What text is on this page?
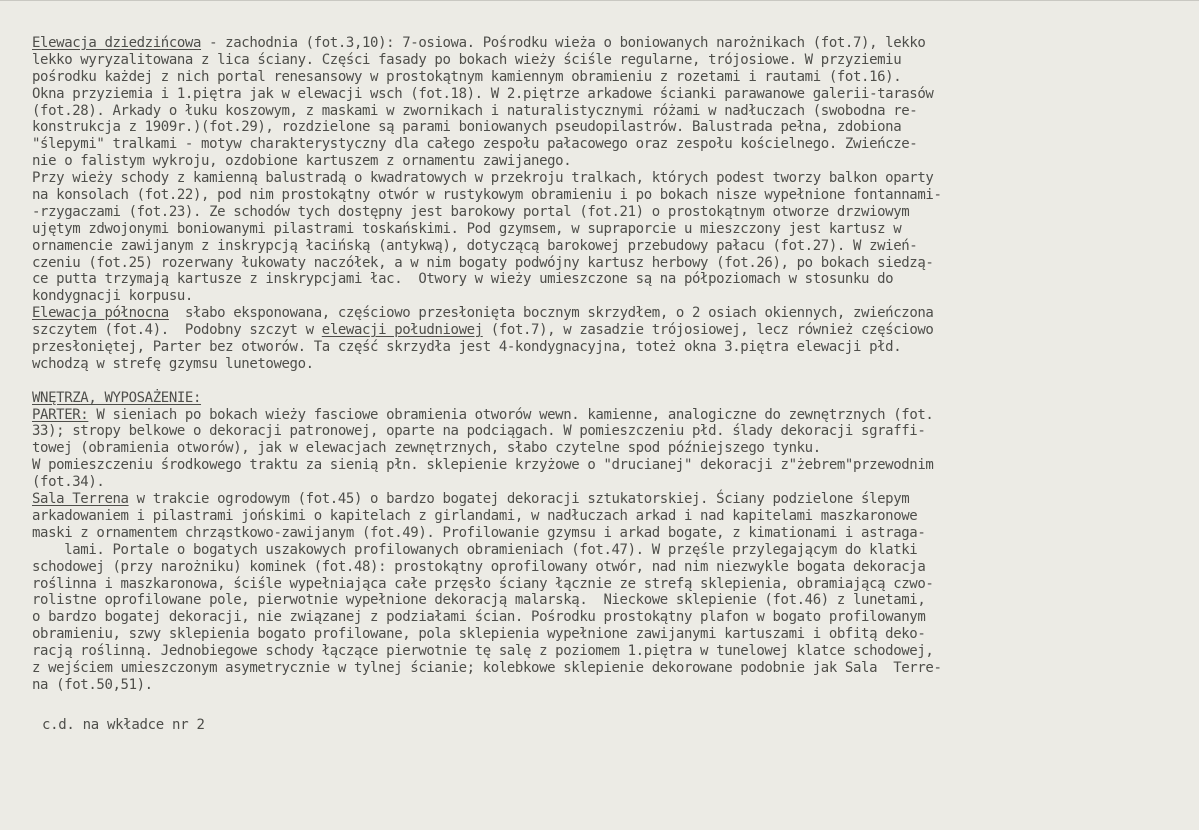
Elewacja dziedzińcowa - zachodnia (fot.3,10): 7-osiowa. Pośrodku wieża o boniowanych narożnikach (fot.7), lekko
lekko wyryzalitowana z lica ściany. Części fasady po bokach wieży ściśle regularne, trójosiowe. W przyziemiu
pośrodku każdej z nich portal renesansowy w prostokątnym kamiennym obramieniu z rozetami i rautami (fot.16).
Okna przyziemia i 1.piętra jak w elewacji wsch (fot.18). W 2.piętrze arkadowe ścianki parawanowe galerii-tarasów
(fot.28). Arkady o łuku koszowym, z maskami w zwornikach i naturalistycznymi różami w nadłuczach (swobodna re-
konstrukcja z 1909r.)(fot.29), rozdzielone są parami boniowanych pseudopilastrów. Balustrada pełna, zdobiona
"ślepymi" tralkami - motyw charakterystyczny dla całego zespołu pałacowego oraz zespołu kościelnego. Zwieńcze-
nie o falistym wykroju, ozdobione kartuszem z ornamentu zawijanego.
Przy wieży schody z kamienną balustradą o kwadratowych w przekroju tralkach, których podest tworzy balkon oparty
na konsolach (fot.22), pod nim prostokątny otwór w rustykowym obramieniu i po bokach nisze wypełnione fontannami-
-rzygaczami (fot.23). Ze schodów tych dostępny jest barokowy portal (fot.21) o prostokątnym otworze drzwiowym
ujętym zdwojonymi boniowanymi pilastrami toskańskimi. Pod gzymsem, w supraporcie u mieszczony jest kartusz w
ornamencie zawijanym z inskrypcją łacińską (antykwą), dotyczącą barokowej przebudowy pałacu (fot.27). W zwień-
czeniu (fot.25) rozerwany łukowaty naczółek, a w nim bogaty podwójny kartusz herbowy (fot.26), po bokach siedzą-
ce putta trzymają kartusze z inskrypcjami łac.  Otwory w wieży umieszczone są na półpoziomach w stosunku do
kondygnacji korpusu.
Elewacja północna  słabo eksponowana, częściowo przesłonięta bocznym skrzydłem, o 2 osiach okiennych, zwieńczona
szczytem (fot.4).  Podobny szczyt w elewacji południowej (fot.7), w zasadzie trójosiowej, lecz również częściowo
przesłoniętej, Parter bez otworów. Ta część skrzydła jest 4-kondygnacyjna, toteż okna 3.piętra elewacji płd.
wchodzą w strefę gzymsu lunetowego.
WNĘTRZA, WYPOSAŻENIE:
PARTER: W sieniach po bokach wieży fasciowe obramienia otworów wewn. kamienne, analogiczne do zewnętrznych (fot.
33); stropy belkowe o dekoracji patronowej, oparte na podciągach. W pomieszczeniu płd. ślady dekoracji sgraffi-
towej (obramienia otworów), jak w elewacjach zewnętrznych, słabo czytelne spod późniejszego tynku.
W pomieszczeniu środkowego traktu za sienią płn. sklepienie krzyżowe o "drucianej" dekoracji z"żebrem"przewodnim
(fot.34).
Sala Terrena w trakcie ogrodowym (fot.45) o bardzo bogatej dekoracji sztukatorskiej. Ściany podzielone ślepym
arkadowaniem i pilastrami jońskimi o kapitelach z girlandami, w nadłuczach arkad i nad kapitelami maszkaronowe
maski z ornamentem chrząstkowo-zawijanym (fot.49). Profilowanie gzymsu i arkad bogate, z kimationami i astraga-
lami. Portale o bogatych uszakowych profilowanych obramieniach (fot.47). W przęśle przylegającym do klatki
schodowej (przy narożniku) kominek (fot.48): prostokątny oprofilowany otwór, nad nim niezwykle bogata dekoracja
roślinna i maszkaronowa, ściśle wypełniająca całe przęsło ściany łącznie ze strefą sklepienia, obramiającą czwo-
rolistne oprofilowane pole, pierwotnie wypełnione dekoracją malarską.  Nieckowe sklepienie (fot.46) z lunetami,
o bardzo bogatej dekoracji, nie związanej z podziałami ścian. Pośrodku prostokątny plafon w bogato profilowanym
obramieniu, szwy sklepienia bogato profilowane, pola sklepienia wypełnione zawijanymi kartuszami i obfitą deko-
racją roślinną. Jednobiegowe schody łączące pierwotnie tę salę z poziomem 1.piętra w tunelowej klatce schodowej,
z wejściem umieszczonym asymetrycznie w tylnej ścianie; kolebkowe sklepienie dekorowane podobnie jak Sala  Terre-
na (fot.50,51).
c.d. na wkładce nr 2
